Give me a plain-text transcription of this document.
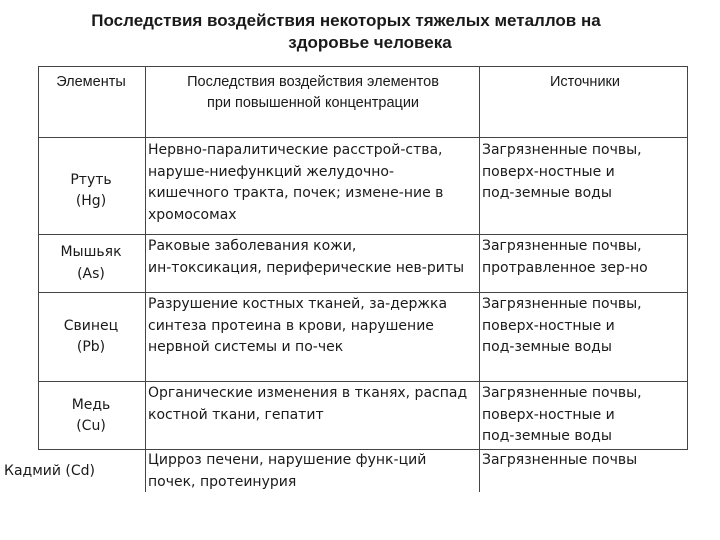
Последствия воздействия некоторых тяжелых металлов на
здоровье человека
Элементы	Последствия воздействия элементов
при повышенной концентрации
Источники
Ртуть
(Hg)
Нервно-паралитические расстрой-ства,
наруше-ниефункций желудочно-
кишечного тракта, почек; измене-ние в
хромосомах
Загрязненные почвы,
поверх-ностные и
под-земные воды
Мышьяк
(As)
Раковые заболевания кожи,
ин-токсикация, периферические нев-риты
Загрязненные почвы,
протравленное зер-но
Свинец
(Pb)
Разрушение костных тканей, за-держка
синтеза протеина в крови, нарушение
нервной системы и по-чек
Загрязненные почвы,
поверх-ностные и
под-земные воды
Медь
(Cu)
Органические изменения в тканях, распад
костной ткани, гепатит
Загрязненные почвы,
поверх-ностные и
под-земные воды
Кадмий (Cd)
Цирроз печени, нарушение функ-ций
почек, протеинурия
Загрязненные почвы
